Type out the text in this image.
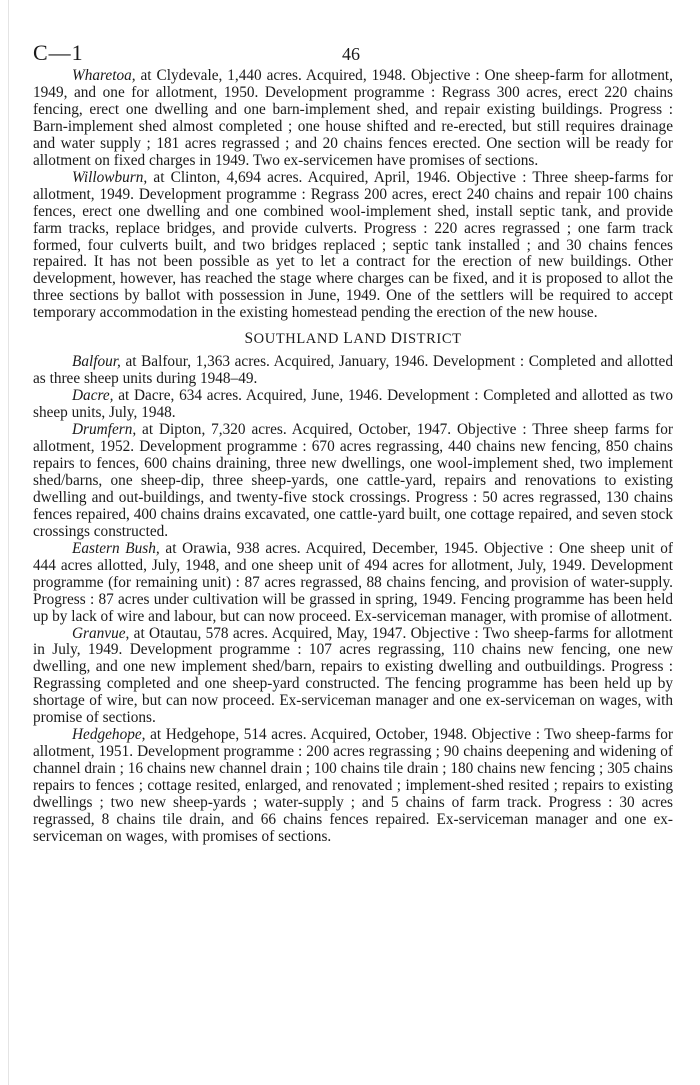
C—1	46

Wharetoa, at Clydevale, 1,440 acres. Acquired, 1948. Objective : One sheep-farm for allotment, 1949, and one for allotment, 1950. Development programme : Regrass 300 acres, erect 220 chains fencing, erect one dwelling and one barn-implement shed, and repair existing buildings. Progress : Barn-implement shed almost completed ; one house shifted and re-erected, but still requires drainage and water supply ; 181 acres regrassed ; and 20 chains fences erected. One section will be ready for allotment on fixed charges in 1949. Two ex-servicemen have promises of sections.

Willowburn, at Clinton, 4,694 acres. Acquired, April, 1946. Objective : Three sheep-farms for allotment, 1949. Development programme : Regrass 200 acres, erect 240 chains and repair 100 chains fences, erect one dwelling and one combined wool-implement shed, install septic tank, and provide farm tracks, replace bridges, and provide culverts. Progress : 220 acres regrassed ; one farm track formed, four culverts built, and two bridges replaced ; septic tank installed ; and 30 chains fences repaired. It has not been possible as yet to let a contract for the erection of new buildings. Other development, however, has reached the stage where charges can be fixed, and it is proposed to allot the three sections by ballot with possession in June, 1949. One of the settlers will be required to accept temporary accommodation in the existing homestead pending the erection of the new house.

SOUTHLAND LAND DISTRICT

Balfour, at Balfour, 1,363 acres. Acquired, January, 1946. Development : Completed and allotted as three sheep units during 1948–49.

Dacre, at Dacre, 634 acres. Acquired, June, 1946. Development : Completed and allotted as two sheep units, July, 1948.

Drumfern, at Dipton, 7,320 acres. Acquired, October, 1947. Objective : Three sheep farms for allotment, 1952. Development programme : 670 acres regrassing, 440 chains new fencing, 850 chains repairs to fences, 600 chains draining, three new dwellings, one wool-implement shed, two implement shed/barns, one sheep-dip, three sheep-yards, one cattle-yard, repairs and renovations to existing dwelling and out-buildings, and twenty-five stock crossings. Progress : 50 acres regrassed, 130 chains fences repaired, 400 chains drains excavated, one cattle-yard built, one cottage repaired, and seven stock crossings constructed.

Eastern Bush, at Orawia, 938 acres. Acquired, December, 1945. Objective : One sheep unit of 444 acres allotted, July, 1948, and one sheep unit of 494 acres for allotment, July, 1949. Development programme (for remaining unit) : 87 acres regrassed, 88 chains fencing, and provision of water-supply. Progress : 87 acres under cultivation will be grassed in spring, 1949. Fencing programme has been held up by lack of wire and labour, but can now proceed. Ex-serviceman manager, with promise of allotment.

Granvue, at Otautau, 578 acres. Acquired, May, 1947. Objective : Two sheep-farms for allotment in July, 1949. Development programme : 107 acres regrassing, 110 chains new fencing, one new dwelling, and one new implement shed/barn, repairs to existing dwelling and outbuildings. Progress : Regrassing completed and one sheep-yard constructed. The fencing programme has been held up by shortage of wire, but can now proceed. Ex-serviceman manager and one ex-serviceman on wages, with promise of sections.

Hedgehope, at Hedgehope, 514 acres. Acquired, October, 1948. Objective : Two sheep-farms for allotment, 1951. Development programme : 200 acres regrassing ; 90 chains deepening and widening of channel drain ; 16 chains new channel drain ; 100 chains tile drain ; 180 chains new fencing ; 305 chains repairs to fences ; cottage resited, enlarged, and renovated ; implement-shed resited ; repairs to existing dwellings ; two new sheep-yards ; water-supply ; and 5 chains of farm track. Progress : 30 acres regrassed, 8 chains tile drain, and 66 chains fences repaired. Ex-serviceman manager and one ex-serviceman on wages, with promises of sections.
